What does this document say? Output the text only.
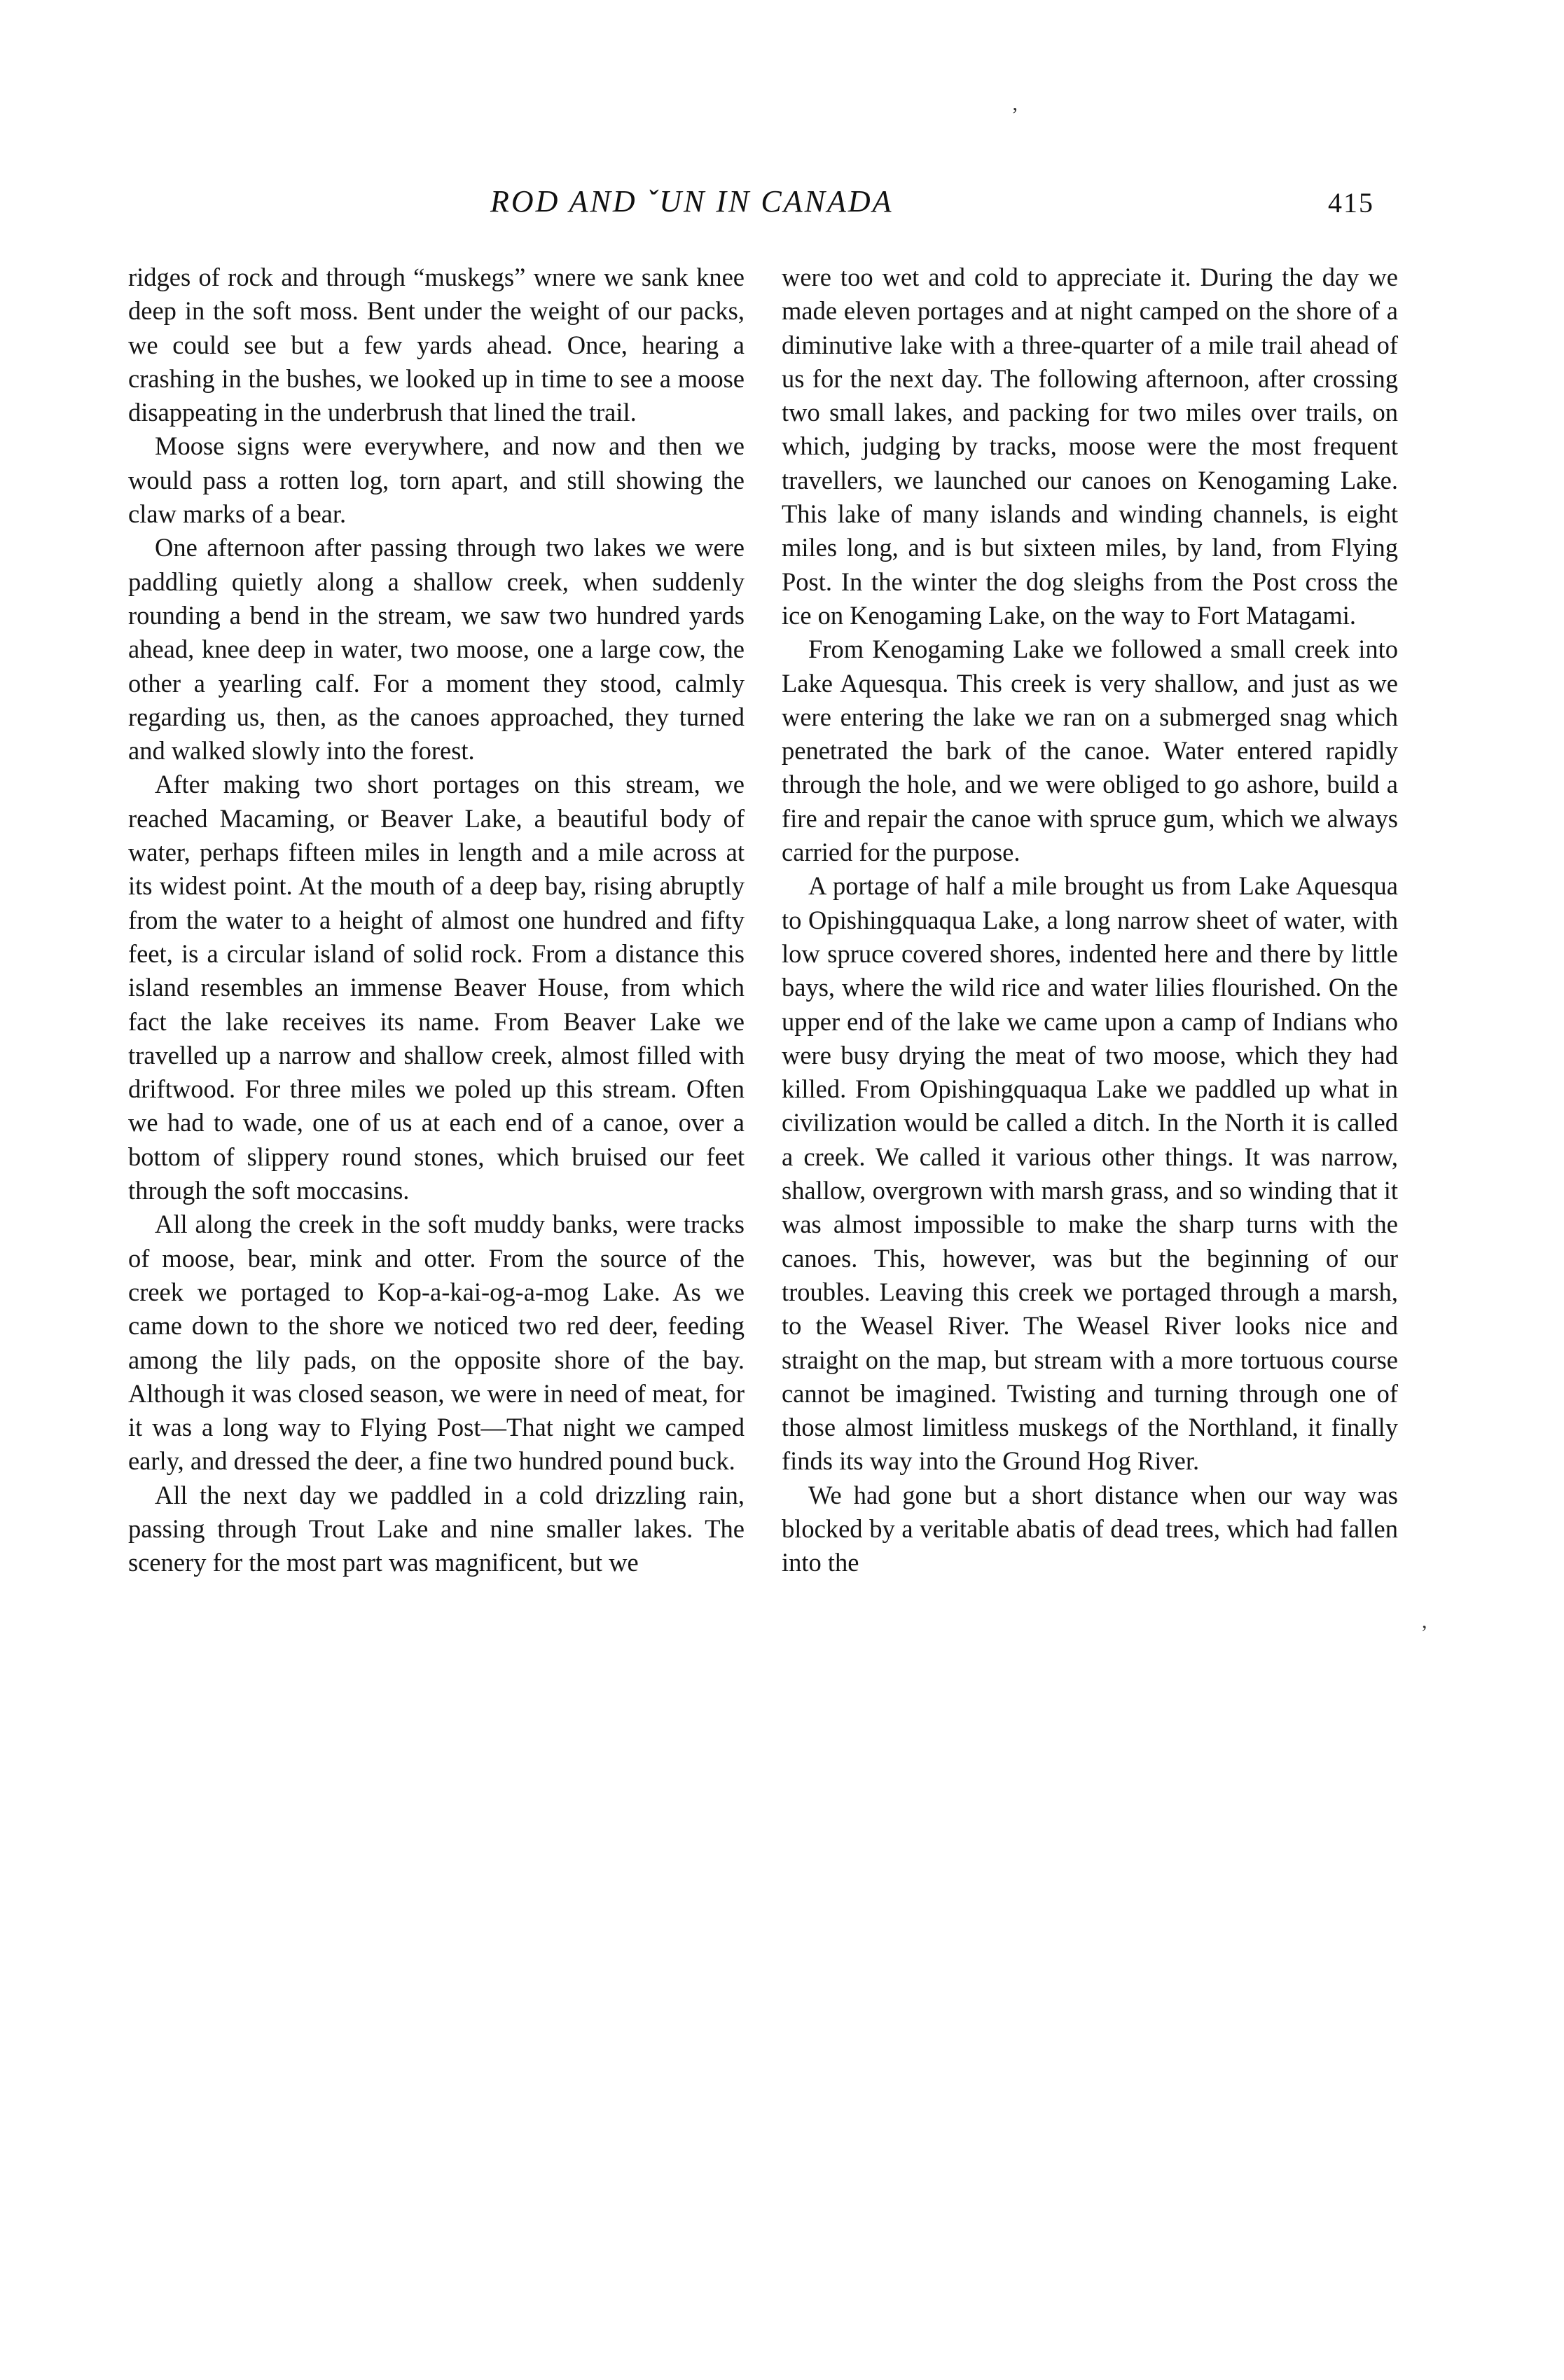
ʼ
ROD AND ˇUN IN CANADA	415

ridges of rock and through “muskegs” wnere we sank knee deep in the soft moss. Bent under the weight of our packs, we could see but a few yards ahead. Once, hearing a crashing in the bushes, we looked up in time to see a moose disappeating in the underbrush that lined the trail.

Moose signs were everywhere, and now and then we would pass a rotten log, torn apart, and still showing the claw marks of a bear.

One afternoon after passing through two lakes we were paddling quietly along a shallow creek, when suddenly rounding a bend in the stream, we saw two hundred yards ahead, knee deep in water, two moose, one a large cow, the other a yearling calf. For a moment they stood, calmly regarding us, then, as the canoes approached, they turned and walked slowly into the forest.

After making two short portages on this stream, we reached Macaming, or Beaver Lake, a beautiful body of water, perhaps fifteen miles in length and a mile across at its widest point. At the mouth of a deep bay, rising abruptly from the water to a height of almost one hundred and fifty feet, is a circular island of solid rock. From a distance this island resembles an immense Beaver House, from which fact the lake receives its name. From Beaver Lake we travelled up a narrow and shallow creek, almost filled with driftwood. For three miles we poled up this stream. Often we had to wade, one of us at each end of a canoe, over a bottom of slippery round stones, which bruised our feet through the soft moccasins.

All along the creek in the soft muddy banks, were tracks of moose, bear, mink and otter. From the source of the creek we portaged to Kop-a-kai-og-a-mog Lake. As we came down to the shore we noticed two red deer, feeding among the lily pads, on the opposite shore of the bay. Although it was closed season, we were in need of meat, for it was a long way to Flying Post—That night we camped early, and dressed the deer, a fine two hundred pound buck.

All the next day we paddled in a cold drizzling rain, passing through Trout Lake and nine smaller lakes. The scenery for the most part was magnificent, but we

were too wet and cold to appreciate it. During the day we made eleven portages and at night camped on the shore of a diminutive lake with a three-quarter of a mile trail ahead of us for the next day. The following afternoon, after crossing two small lakes, and packing for two miles over trails, on which, judging by tracks, moose were the most frequent travellers, we launched our canoes on Kenogaming Lake. This lake of many islands and winding channels, is eight miles long, and is but sixteen miles, by land, from Flying Post. In the winter the dog sleighs from the Post cross the ice on Kenogaming Lake, on the way to Fort Matagami.

From Kenogaming Lake we followed a small creek into Lake Aquesqua. This creek is very shallow, and just as we were entering the lake we ran on a submerged snag which penetrated the bark of the canoe. Water entered rapidly through the hole, and we were obliged to go ashore, build a fire and repair the canoe with spruce gum, which we always carried for the purpose.

A portage of half a mile brought us from Lake Aquesqua to Opishingquaqua Lake, a long narrow sheet of water, with low spruce covered shores, indented here and there by little bays, where the wild rice and water lilies flourished. On the upper end of the lake we came upon a camp of Indians who were busy drying the meat of two moose, which they had killed. From Opishingquaqua Lake we paddled up what in civilization would be called a ditch. In the North it is called a creek. We called it various other things. It was narrow, shallow, overgrown with marsh grass, and so winding that it was almost impossible to make the sharp turns with the canoes. This, however, was but the beginning of our troubles. Leaving this creek we portaged through a marsh, to the Weasel River. The Weasel River looks nice and straight on the map, but stream with a more tortuous course cannot be imagined. Twisting and turning through one of those almost limitless muskegs of the Northland, it finally finds its way into the Ground Hog River.

We had gone but a short distance when our way was blocked by a veritable abatis of dead trees, which had fallen into the

,
